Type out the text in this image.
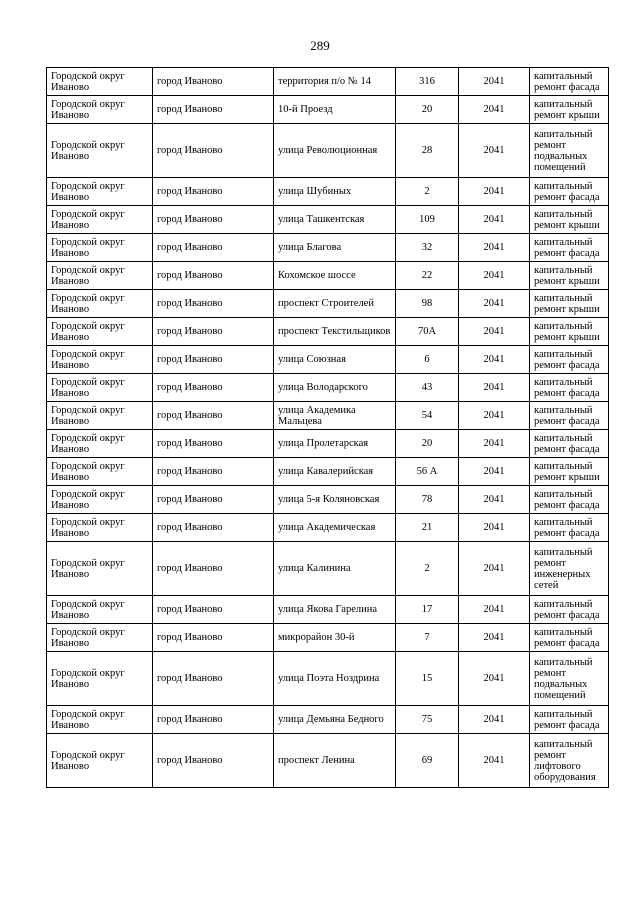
289
Городской округ Иваново	город Иваново	территория п/о № 14	316	2041	капитальный ремонт фасада
Городской округ Иваново	город Иваново	10-й Проезд	20	2041	капитальный ремонт крыши
Городской округ Иваново	город Иваново	улица Революционная	28	2041	капитальный ремонт подвальных помещений
Городской округ Иваново	город Иваново	улица Шубиных	2	2041	капитальный ремонт фасада
Городской округ Иваново	город Иваново	улица Ташкентская	109	2041	капитальный ремонт крыши
Городской округ Иваново	город Иваново	улица Благова	32	2041	капитальный ремонт фасада
Городской округ Иваново	город Иваново	Кохомское шоссе	22	2041	капитальный ремонт крыши
Городской округ Иваново	город Иваново	проспект Строителей	98	2041	капитальный ремонт крыши
Городской округ Иваново	город Иваново	проспект Текстильщиков	70А	2041	капитальный ремонт крыши
Городской округ Иваново	город Иваново	улица Союзная	6	2041	капитальный ремонт фасада
Городской округ Иваново	город Иваново	улица Володарского	43	2041	капитальный ремонт фасада
Городской округ Иваново	город Иваново	улица Академика Мальцева	54	2041	капитальный ремонт фасада
Городской округ Иваново	город Иваново	улица Пролетарская	20	2041	капитальный ремонт фасада
Городской округ Иваново	город Иваново	улица Кавалерийская	56 А	2041	капитальный ремонт крыши
Городской округ Иваново	город Иваново	улица 5-я Коляновская	78	2041	капитальный ремонт фасада
Городской округ Иваново	город Иваново	улица Академическая	21	2041	капитальный ремонт фасада
Городской округ Иваново	город Иваново	улица Калинина	2	2041	капитальный ремонт инженерных сетей
Городской округ Иваново	город Иваново	улица Якова Гарелина	17	2041	капитальный ремонт фасада
Городской округ Иваново	город Иваново	микрорайон 30-й	7	2041	капитальный ремонт фасада
Городской округ Иваново	город Иваново	улица Поэта Ноздрина	15	2041	капитальный ремонт подвальных помещений
Городской округ Иваново	город Иваново	улица Демьяна Бедного	75	2041	капитальный ремонт фасада
Городской округ Иваново	город Иваново	проспект Ленина	69	2041	капитальный ремонт лифтового оборудования
